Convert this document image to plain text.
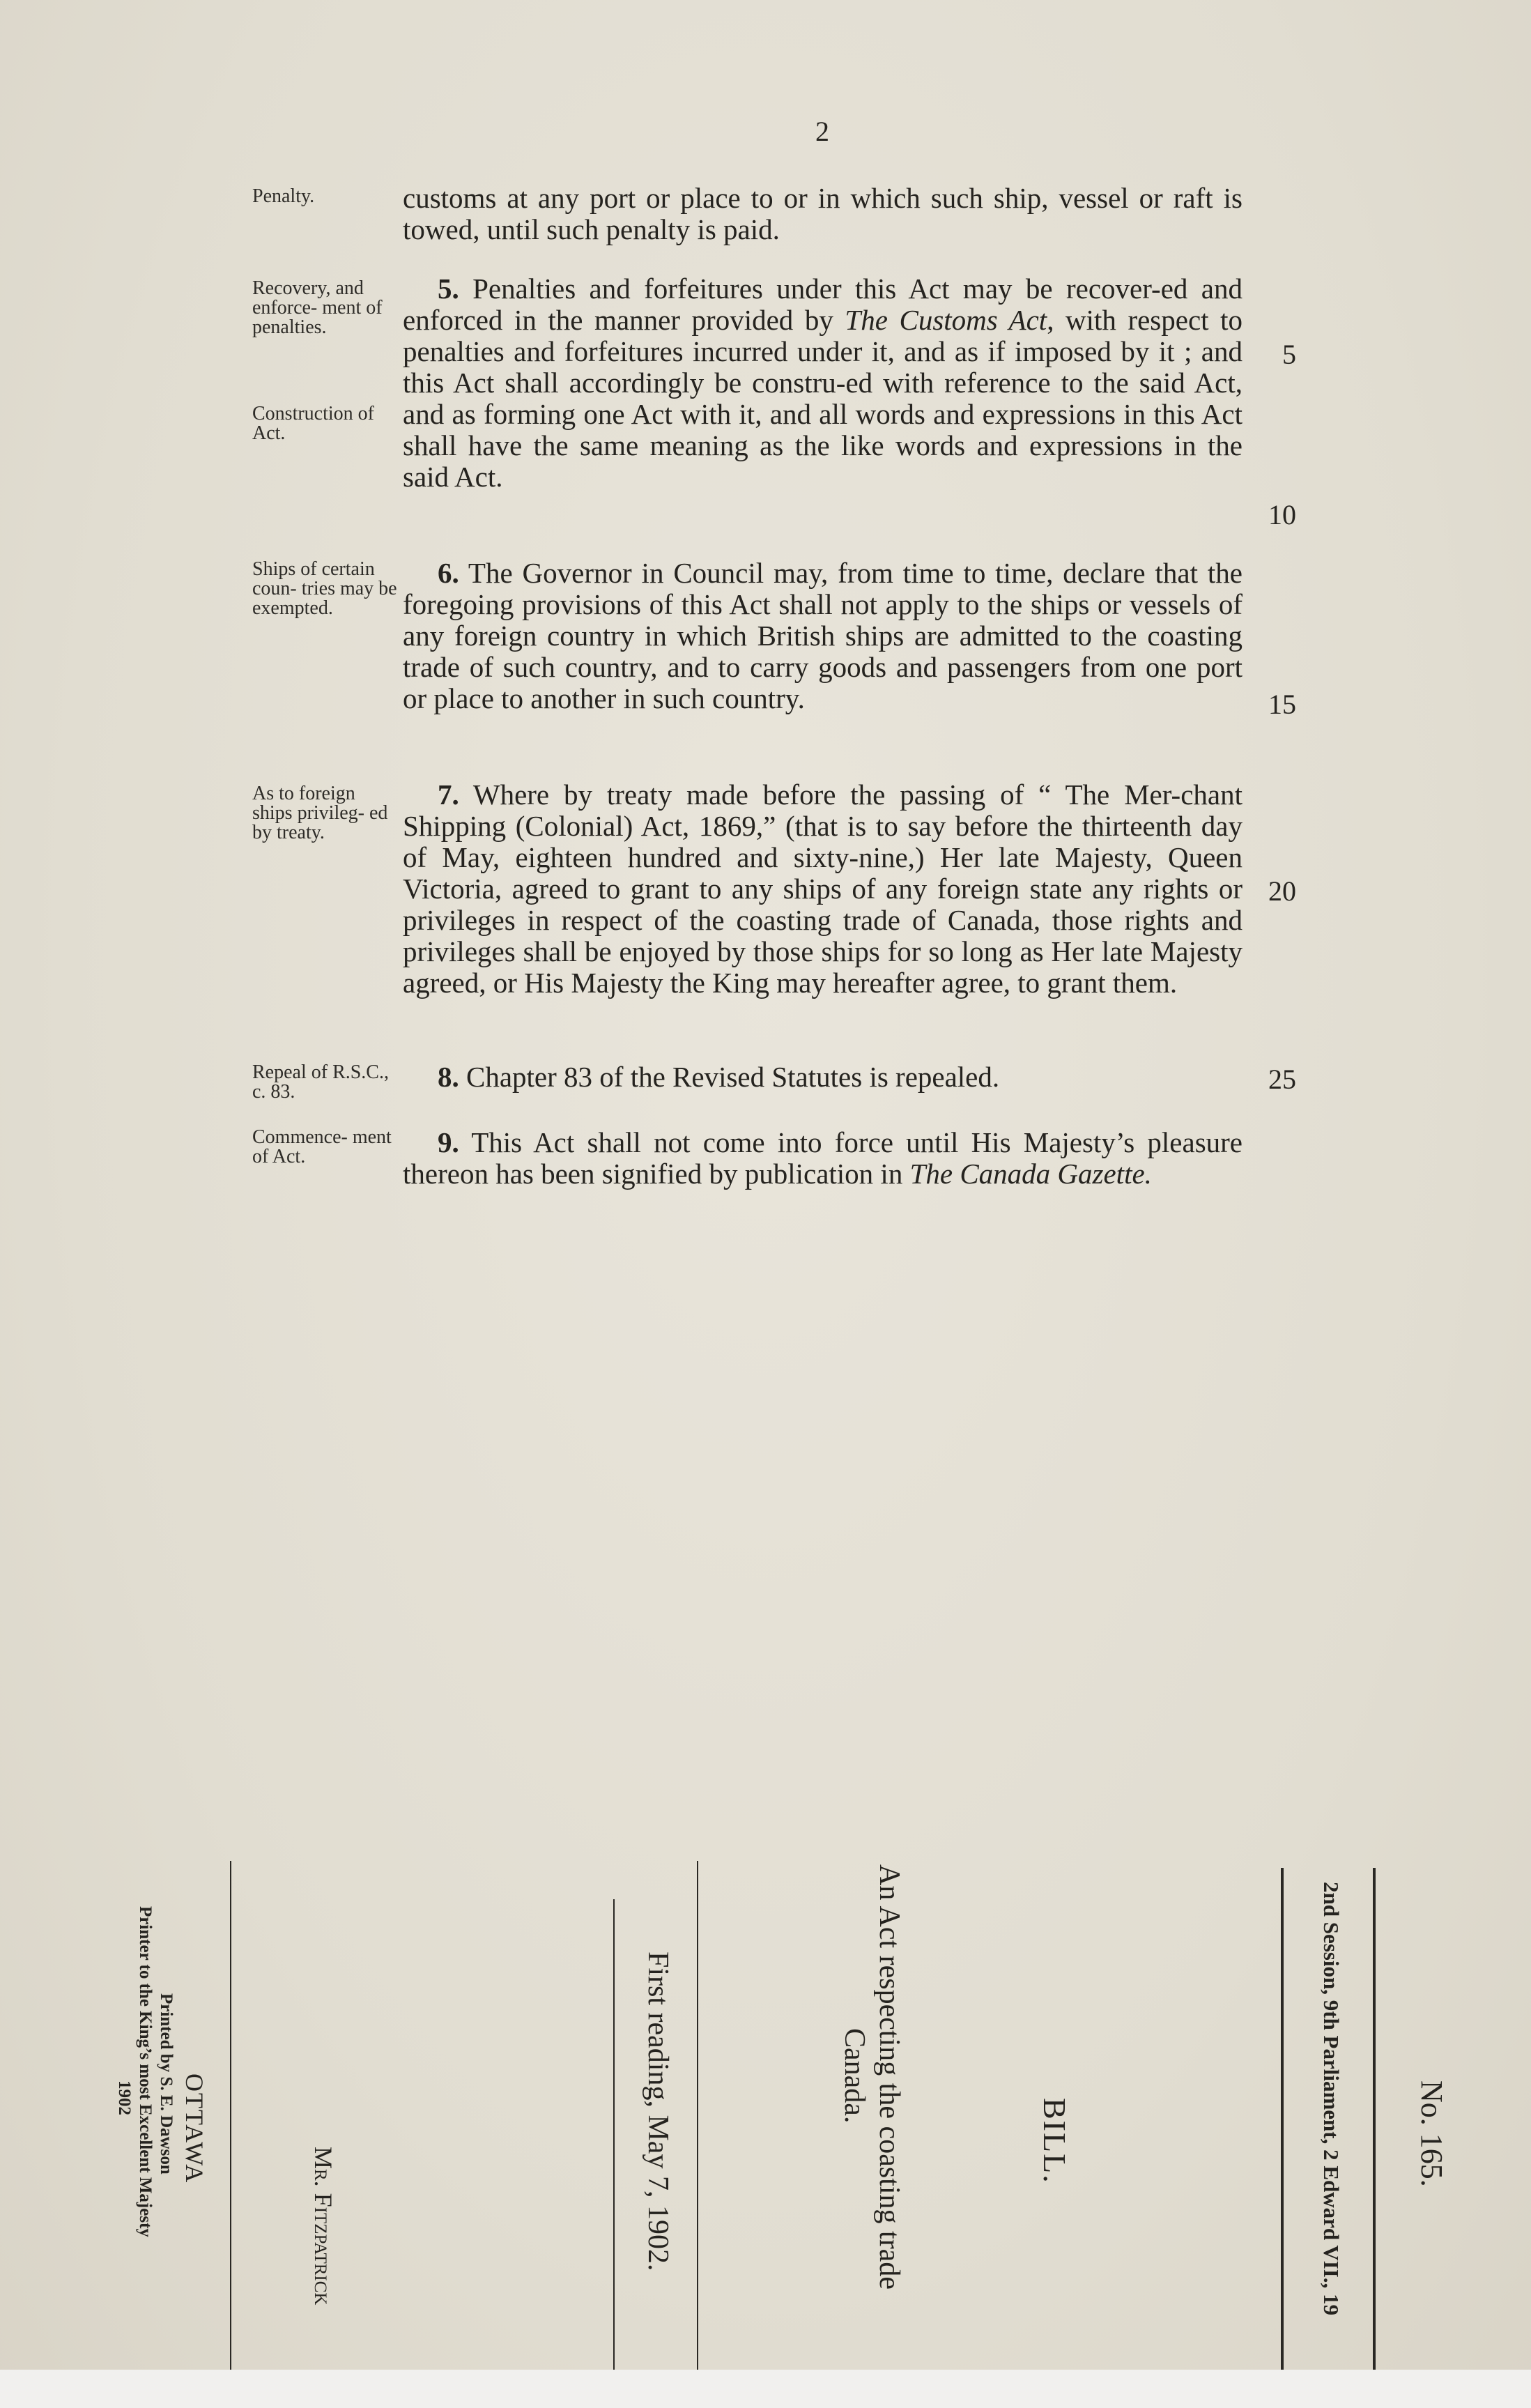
2
Penalty.
Recovery, and enforce- ment of penalties.
Construction of Act.
Ships of certain coun- tries may be exempted.
As to foreign ships privileg- ed by treaty.
Repeal of R.S.C., c. 83.
Commence- ment of Act.
customs at any port or place to or in which such ship, vessel or raft is towed, until such penalty is paid.
5. Penalties and forfeitures under this Act may be recover-ed and enforced in the manner provided by The Customs Act, with respect to penalties and forfeitures incurred under it, and as if imposed by it ; and this Act shall accordingly be constru-ed with reference to the said Act, and as forming one Act with it, and all words and expressions in this Act shall have the same meaning as the like words and expressions in the said Act.
6. The Governor in Council may, from time to time, declare that the foregoing provisions of this Act shall not apply to the ships or vessels of any foreign country in which British ships are admitted to the coasting trade of such country, and to carry goods and passengers from one port or place to another in such country.
7. Where by treaty made before the passing of “ The Mer-chant Shipping (Colonial) Act, 1869,” (that is to say before the thirteenth day of May, eighteen hundred and sixty-nine,) Her late Majesty, Queen Victoria, agreed to grant to any ships of any foreign state any rights or privileges in respect of the coasting trade of Canada, those rights and privileges shall be enjoyed by those ships for so long as Her late Majesty agreed, or His Majesty the King may hereafter agree, to grant them.
8. Chapter 83 of the Revised Statutes is repealed.
9. This Act shall not come into force until His Majesty’s pleasure thereon has been signified by publication in The Canada Gazette.
5
10
15
20
25
2nd Session, 9th Parliament, 2 Edward VII., 19 No. 165.
BILL.
An Act respecting the coasting trade
Canada.
First reading, May 7, 1902.
Mr. Fitzpatrick
OTTAWA
Printed by S. E. Dawson
Printer to the King’s most Excellent Majesty
1902
